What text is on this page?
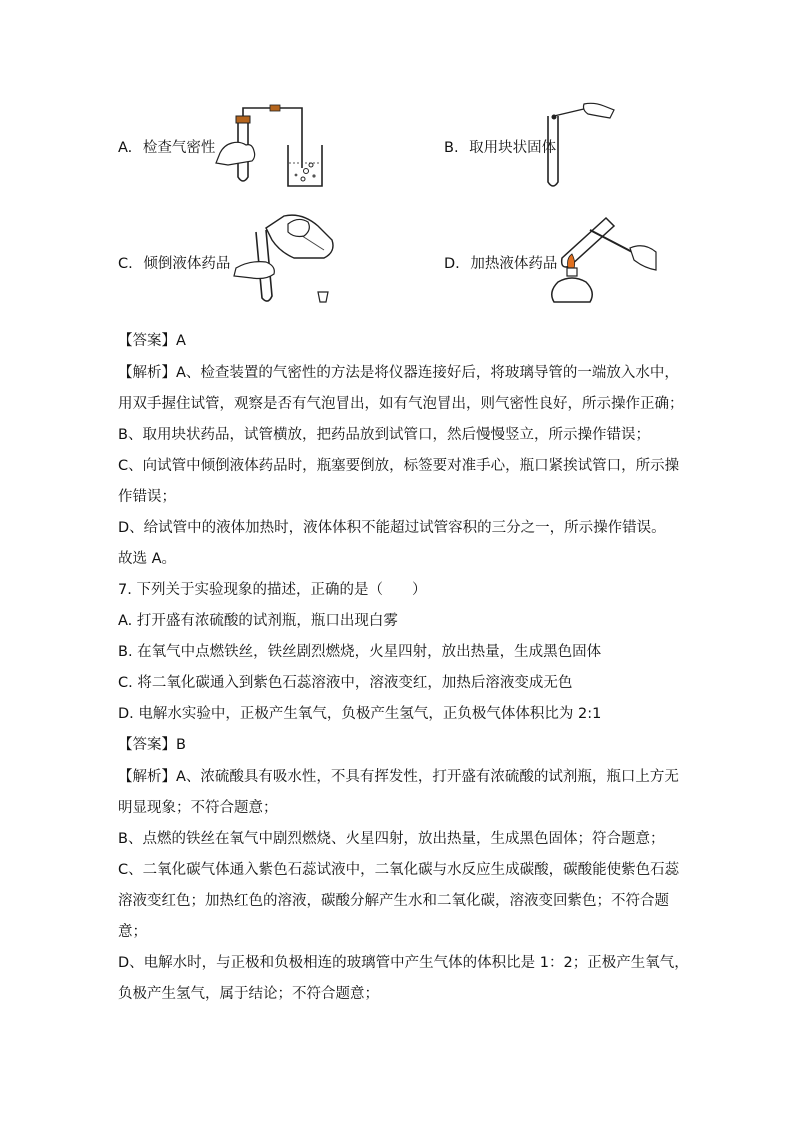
A. 检查气密性	B. 取用块状固体
C. 倾倒液体药品	D. 加热液体药品
【答案】A
【解析】A、检查装置的气密性的方法是将仪器连接好后，将玻璃导管的一端放入水中，
用双手握住试管，观察是否有气泡冒出，如有气泡冒出，则气密性良好，所示操作正确；
B、取用块状药品，试管横放，把药品放到试管口，然后慢慢竖立，所示操作错误；
C、向试管中倾倒液体药品时，瓶塞要倒放，标签要对准手心，瓶口紧挨试管口，所示操
作错误；
D、给试管中的液体加热时，液体体积不能超过试管容积的三分之一，所示操作错误。
故选 A。
7. 下列关于实验现象的描述，正确的是（　　）
A. 打开盛有浓硫酸的试剂瓶，瓶口出现白雾
B. 在氧气中点燃铁丝，铁丝剧烈燃烧，火星四射，放出热量，生成黑色固体
C. 将二氧化碳通入到紫色石蕊溶液中，溶液变红，加热后溶液变成无色
D. 电解水实验中，正极产生氧气，负极产生氢气，正负极气体体积比为 2:1
【答案】B
【解析】A、浓硫酸具有吸水性，不具有挥发性，打开盛有浓硫酸的试剂瓶，瓶口上方无
明显现象；不符合题意；
B、点燃的铁丝在氧气中剧烈燃烧、火星四射，放出热量，生成黑色固体；符合题意；
C、二氧化碳气体通入紫色石蕊试液中，二氧化碳与水反应生成碳酸，碳酸能使紫色石蕊
溶液变红色；加热红色的溶液，碳酸分解产生水和二氧化碳，溶液变回紫色；不符合题
意；
D、电解水时，与正极和负极相连的玻璃管中产生气体的体积比是 1：2；正极产生氧气，
负极产生氢气，属于结论；不符合题意；
